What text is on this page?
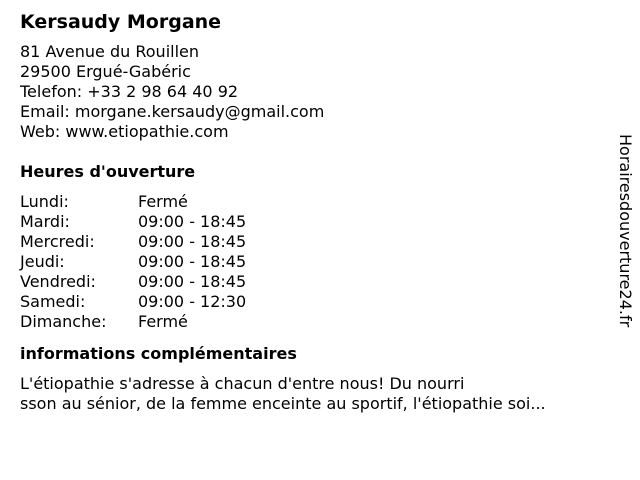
Kersaudy Morgane
81 Avenue du Rouillen
29500 Ergué-Gabéric
Telefon: +33 2 98 64 40 92
Email: morgane.kersaudy@gmail.com
Web: www.etiopathie.com
Heures d'ouverture
Lundi:	Fermé
Mardi:	09:00 - 18:45
Mercredi:	09:00 - 18:45
Jeudi:	09:00 - 18:45
Vendredi:	09:00 - 18:45
Samedi:	09:00 - 12:30
Dimanche:	Fermé
informations complémentaires
L'étiopathie s'adresse à chacun d'entre nous! Du nourri
sson au sénior, de la femme enceinte au sportif, l'étiopathie soi...
Horairesdouverture24.fr
